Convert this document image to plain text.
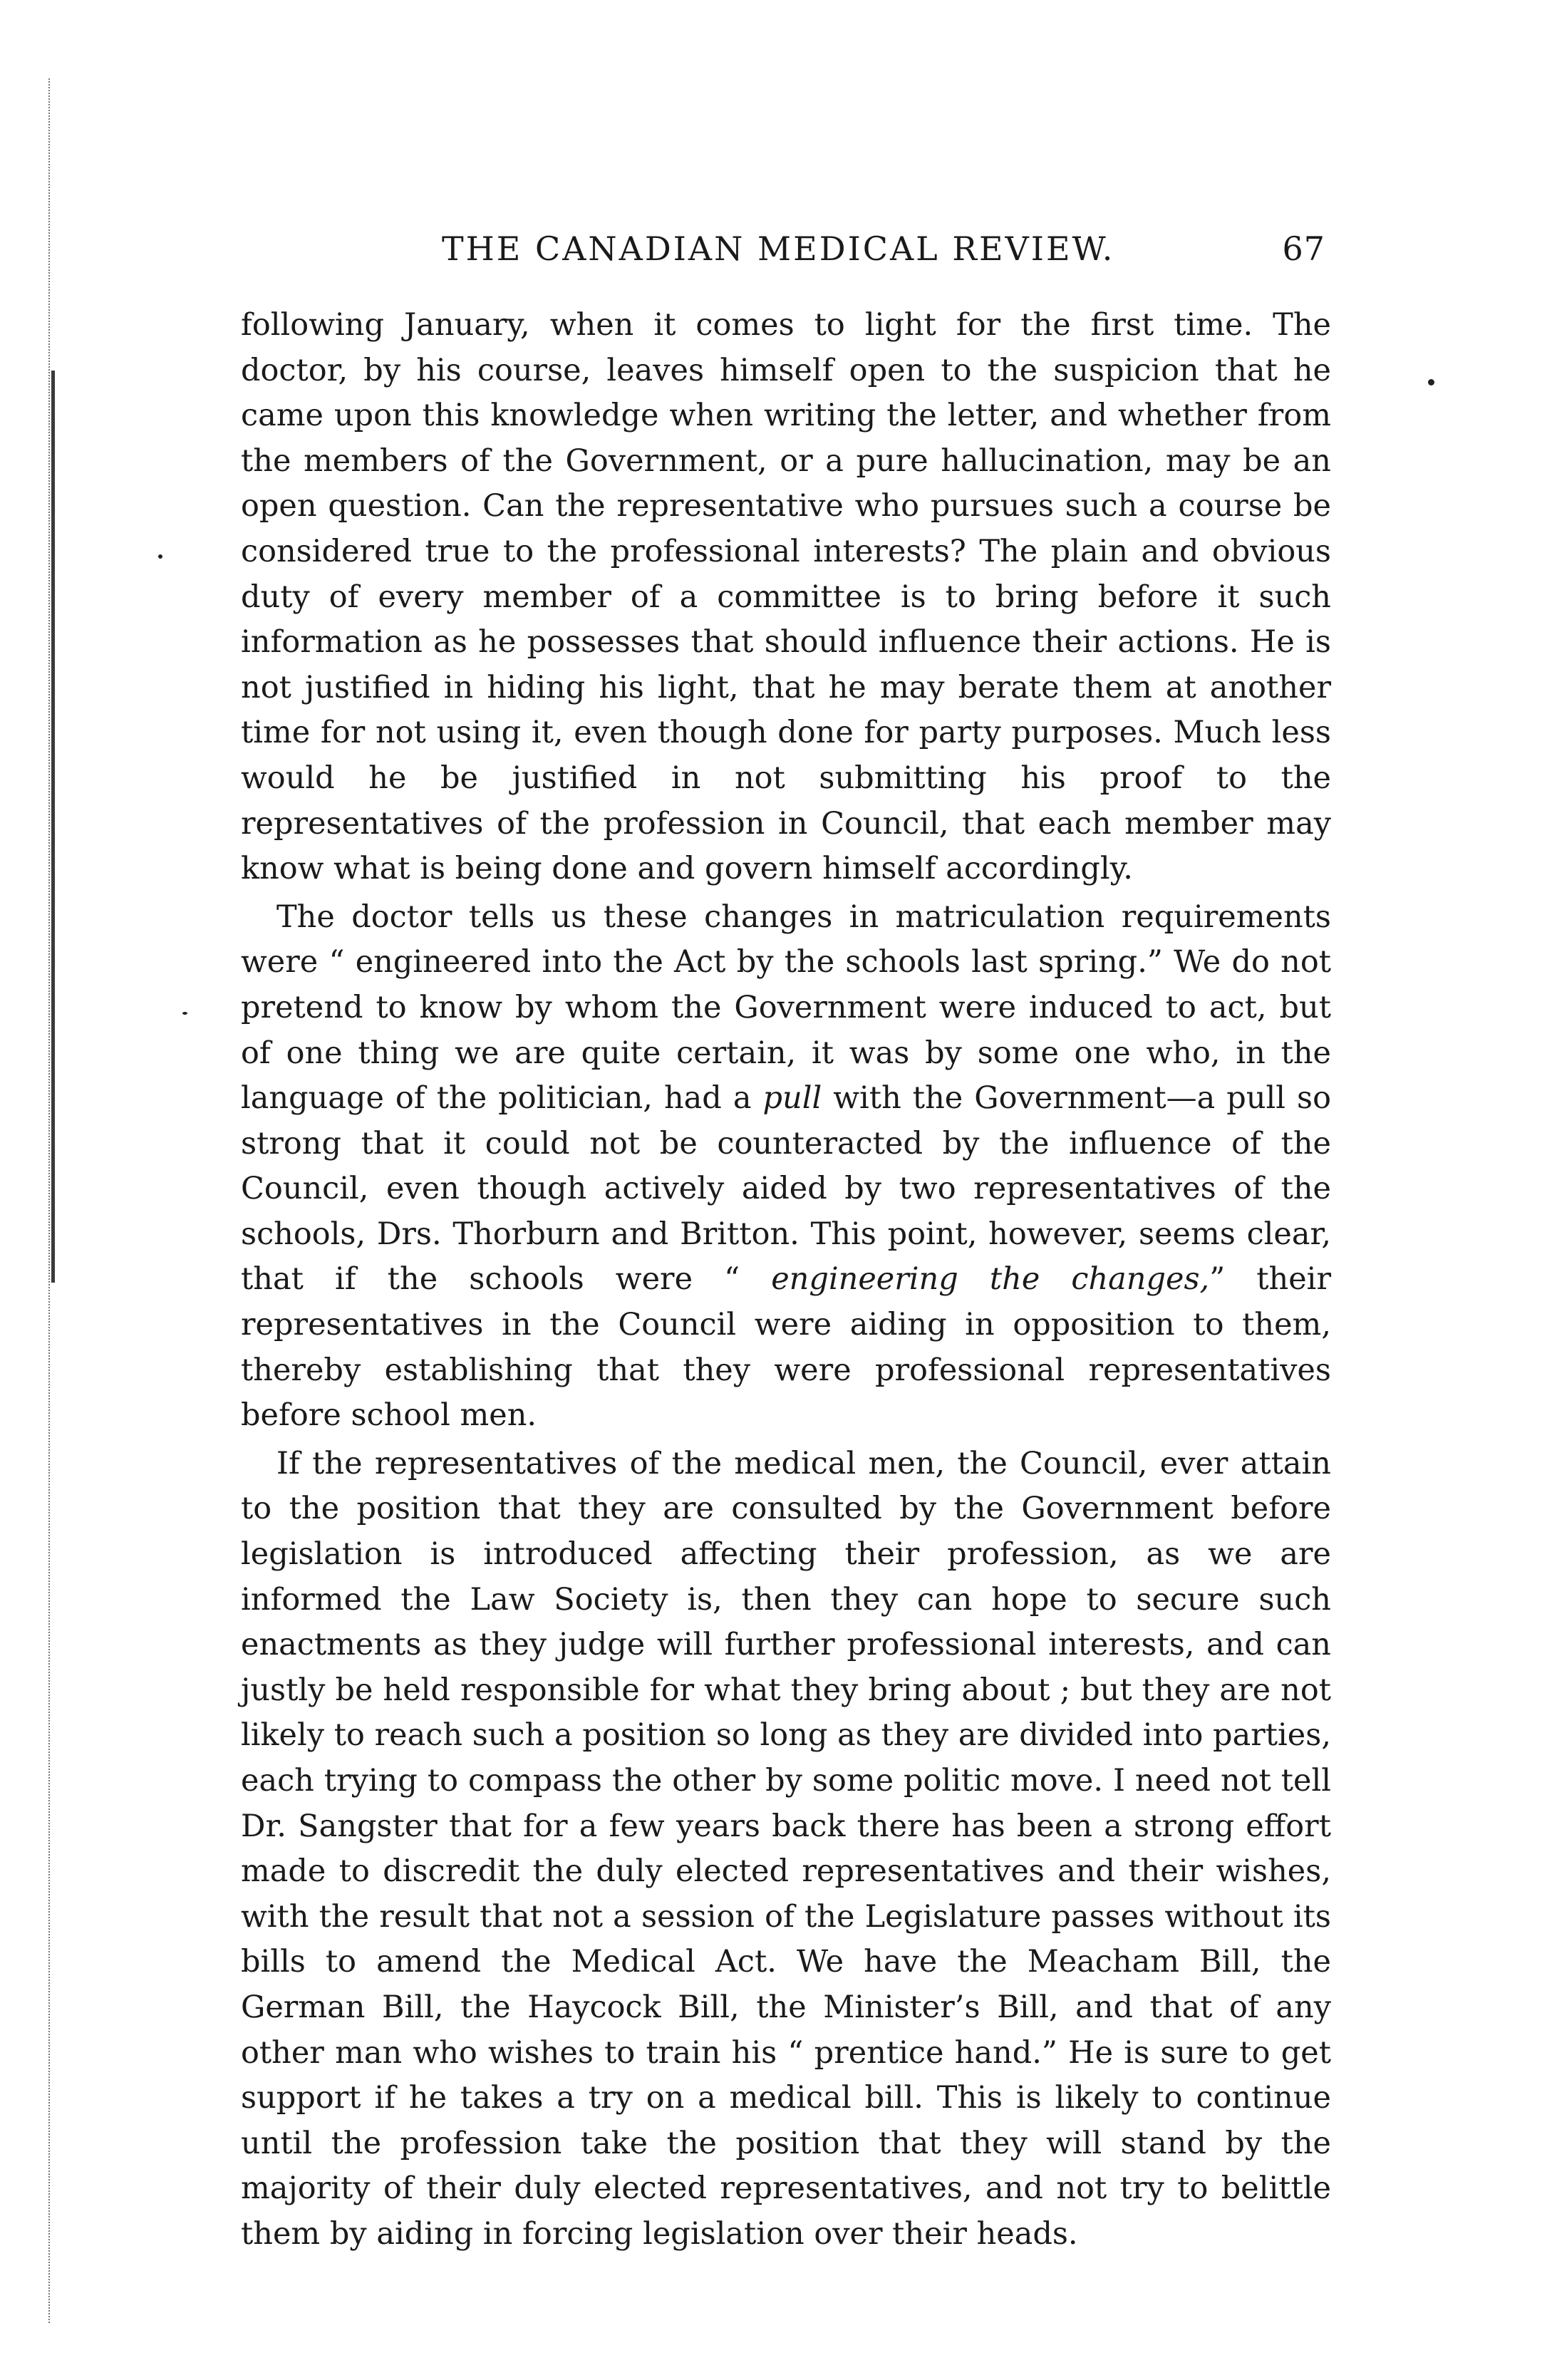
THE CANADIAN MEDICAL REVIEW.	67

following January, when it comes to light for the first time. The doctor, by his course, leaves himself open to the suspicion that he came upon this knowledge when writing the letter, and whether from the members of the Government, or a pure hallucination, may be an open question. Can the representative who pursues such a course be considered true to the professional interests? The plain and obvious duty of every member of a committee is to bring before it such information as he possesses that should influence their actions. He is not justified in hiding his light, that he may berate them at another time for not using it, even though done for party purposes. Much less would he be justified in not submitting his proof to the representatives of the profession in Council, that each member may know what is being done and govern himself accordingly.

The doctor tells us these changes in matriculation requirements were “ engineered into the Act by the schools last spring.” We do not pretend to know by whom the Government were induced to act, but of one thing we are quite certain, it was by some one who, in the language of the politician, had a pull with the Government—a pull so strong that it could not be counteracted by the influence of the Council, even though actively aided by two representatives of the schools, Drs. Thorburn and Britton. This point, however, seems clear, that if the schools were “ engineering the changes,” their representatives in the Council were aiding in opposition to them, thereby establishing that they were professional representatives before school men.

If the representatives of the medical men, the Council, ever attain to the position that they are consulted by the Government before legislation is introduced affecting their profession, as we are informed the Law Society is, then they can hope to secure such enactments as they judge will further professional interests, and can justly be held responsible for what they bring about ; but they are not likely to reach such a position so long as they are divided into parties, each trying to compass the other by some politic move. I need not tell Dr. Sangster that for a few years back there has been a strong effort made to discredit the duly elected representatives and their wishes, with the result that not a session of the Legislature passes without its bills to amend the Medical Act. We have the Meacham Bill, the German Bill, the Haycock Bill, the Minister’s Bill, and that of any other man who wishes to train his “ prentice hand.” He is sure to get support if he takes a try on a medical bill. This is likely to continue until the profession take the position that they will stand by the majority of their duly elected representatives, and not try to belittle them by aiding in forcing legislation over their heads.
